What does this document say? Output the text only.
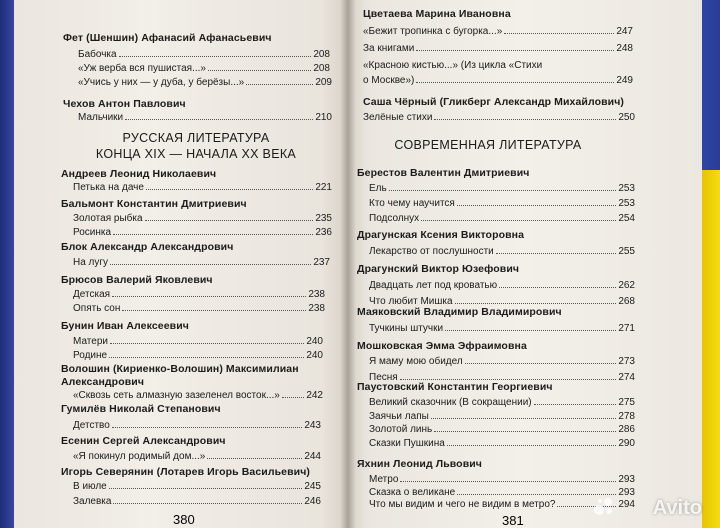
Фет (Шеншин) Афанасий Афанасьевич
Бабочка	208
«Уж верба вся пушистая...»	208
«Учись у них — у дуба, у берёзы...»	209
Чехов Антон Павлович
Мальчики	210
РУССКАЯ ЛИТЕРАТУРА
КОНЦА XIX — НАЧАЛА XX ВЕКА
Андреев Леонид Николаевич
Петька на даче	221
Бальмонт Константин Дмитриевич
Золотая рыбка	235
Росинка	236
Блок Александр Александрович
На лугу	237
Брюсов Валерий Яковлевич
Детская	238
Опять сон	238
Бунин Иван Алексеевич
Матери	240
Родине	240
Волошин (Кириенко-Волошин) Максимилиан
Александрович
«Сквозь сеть алмазную зазеленел восток...»	242
Гумилёв Николай Степанович
Детство	243
Есенин Сергей Александрович
«Я покинул родимый дом...»	244
Игорь Северянин (Лотарев Игорь Васильевич)
В июле	245
Залевка	246
380
Цветаева Марина Ивановна
«Бежит тропинка с бугорка...»	247
За книгами	248
«Красною кистью...» (Из цикла «Стихи
о Москве»)	249
Саша Чёрный (Гликберг Александр Михайлович)
Зелёные стихи	250
СОВРЕМЕННАЯ ЛИТЕРАТУРА
Берестов Валентин Дмитриевич
Ель	253
Кто чему научится	253
Подсолнух	254
Драгунская Ксения Викторовна
Лекарство от послушности	255
Драгунский Виктор Юзефович
Двадцать лет под кроватью	262
Что любит Мишка	268
Маяковский Владимир Владимирович
Тучкины штучки	271
Мошковская Эмма Эфраимовна
Я маму мою обидел	273
Песня	274
Паустовский Константин Георгиевич
Великий сказочник (В сокращении)	275
Заячьи лапы	278
Золотой линь	286
Сказки Пушкина	290
Яхнин Леонид Львович
Метро	293
Сказка о великане	293
Что мы видим и чего не видим в метро?	294
381
Avito
